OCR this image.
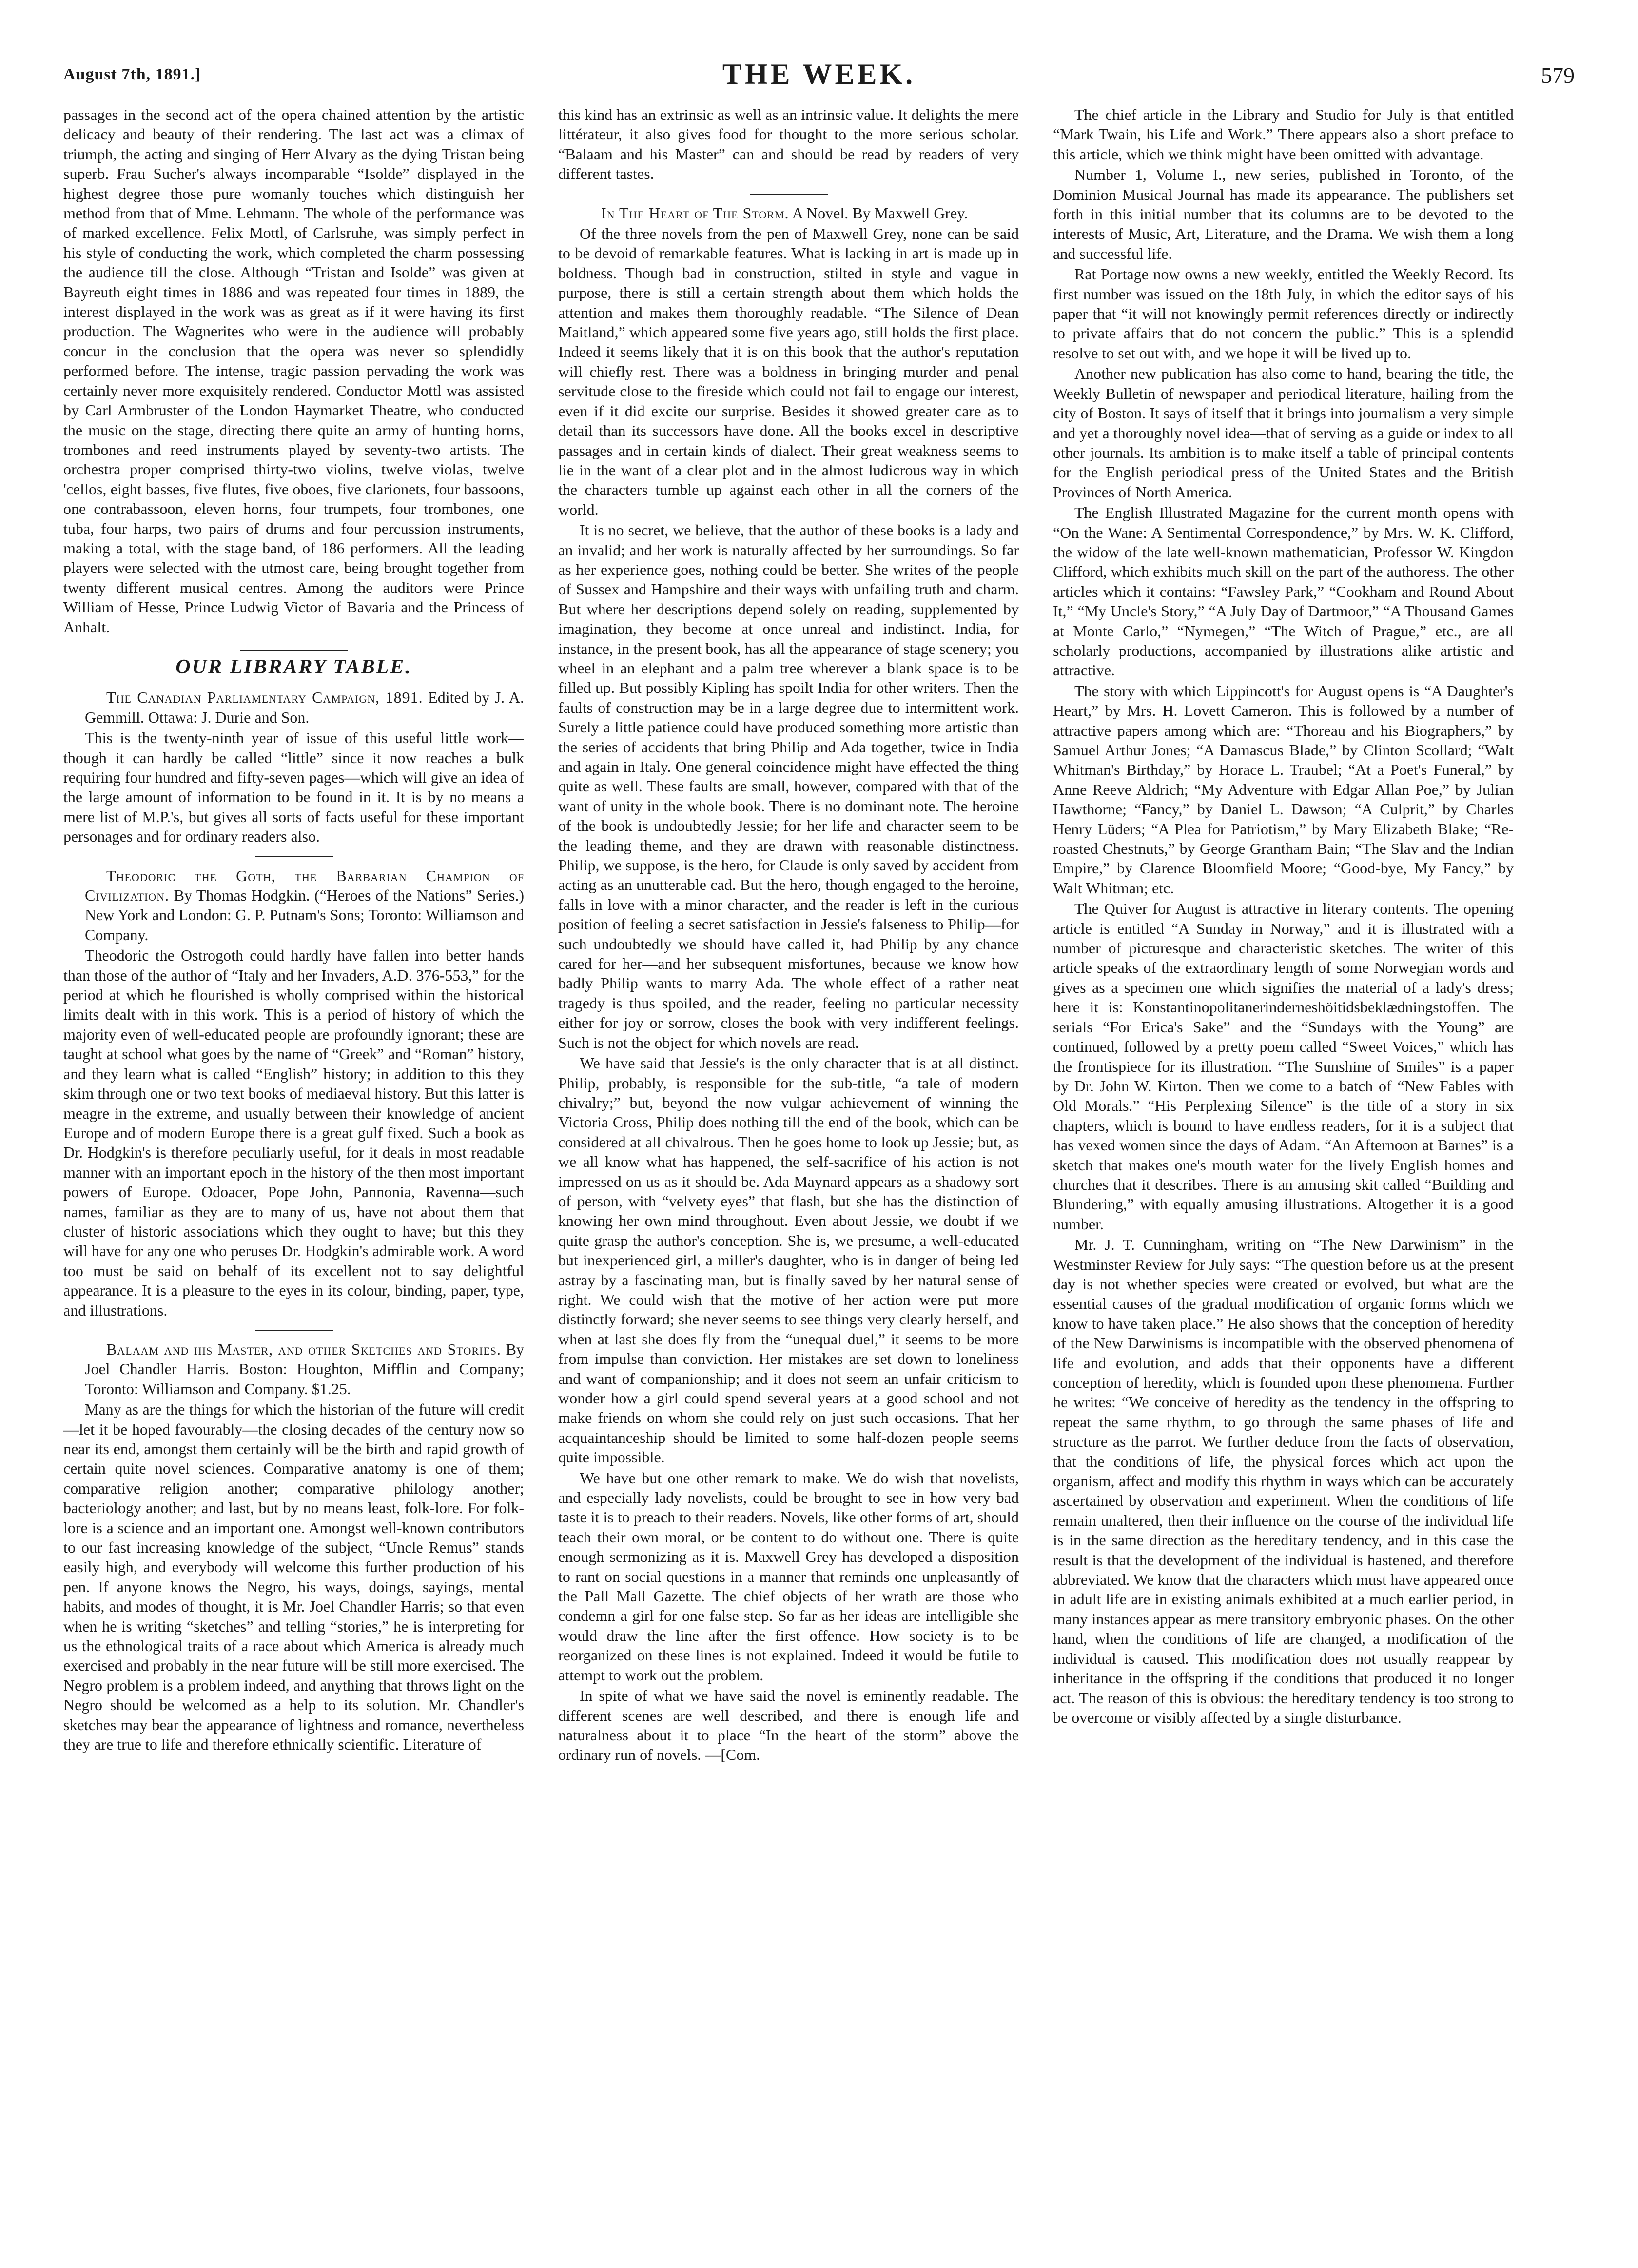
August 7th, 1891.]	THE WEEK.	579

passages in the second act of the opera chained attention by the artistic delicacy and beauty of their rendering. The last act was a climax of triumph, the acting and singing of Herr Alvary as the dying Tristan being superb. Frau Sucher's always incomparable “Isolde” displayed in the highest degree those pure womanly touches which distinguish her method from that of Mme. Lehmann. The whole of the performance was of marked excellence. Felix Mottl, of Carlsruhe, was simply perfect in his style of conducting the work, which completed the charm possessing the audience till the close. Although “Tristan and Isolde” was given at Bayreuth eight times in 1886 and was repeated four times in 1889, the interest displayed in the work was as great as if it were having its first production. The Wagnerites who were in the audience will probably concur in the conclusion that the opera was never so splendidly performed before. The intense, tragic passion pervading the work was certainly never more exquisitely rendered. Conductor Mottl was assisted by Carl Armbruster of the London Haymarket Theatre, who conducted the music on the stage, directing there quite an army of hunting horns, trombones and reed instruments played by seventy-two artists. The orchestra proper comprised thirty-two violins, twelve violas, twelve 'cellos, eight basses, five flutes, five oboes, five clarionets, four bassoons, one contrabassoon, eleven horns, four trumpets, four trombones, one tuba, four harps, two pairs of drums and four percussion instruments, making a total, with the stage band, of 186 performers. All the leading players were selected with the utmost care, being brought together from twenty different musical centres. Among the auditors were Prince William of Hesse, Prince Ludwig Victor of Bavaria and the Princess of Anhalt.

OUR LIBRARY TABLE.

The Canadian Parliamentary Campaign, 1891. Edited by J. A. Gemmill. Ottawa: J. Durie and Son.

This is the twenty-ninth year of issue of this useful little work—though it can hardly be called “little” since it now reaches a bulk requiring four hundred and fifty-seven pages—which will give an idea of the large amount of information to be found in it. It is by no means a mere list of M.P.'s, but gives all sorts of facts useful for these important personages and for ordinary readers also.

Theodoric the Goth, the Barbarian Champion of Civilization. By Thomas Hodgkin. (“Heroes of the Nations” Series.) New York and London: G. P. Putnam's Sons; Toronto: Williamson and Company.

Theodoric the Ostrogoth could hardly have fallen into better hands than those of the author of “Italy and her Invaders, A.D. 376-553,” for the period at which he flourished is wholly comprised within the historical limits dealt with in this work. This is a period of history of which the majority even of well-educated people are profoundly ignorant; these are taught at school what goes by the name of “Greek” and “Roman” history, and they learn what is called “English” history; in addition to this they skim through one or two text books of mediaeval history. But this latter is meagre in the extreme, and usually between their knowledge of ancient Europe and of modern Europe there is a great gulf fixed. Such a book as Dr. Hodgkin's is therefore peculiarly useful, for it deals in most readable manner with an important epoch in the history of the then most important powers of Europe. Odoacer, Pope John, Pannonia, Ravenna—such names, familiar as they are to many of us, have not about them that cluster of historic associations which they ought to have; but this they will have for any one who peruses Dr. Hodgkin's admirable work. A word too must be said on behalf of its excellent not to say delightful appearance. It is a pleasure to the eyes in its colour, binding, paper, type, and illustrations.

Balaam and his Master, and other Sketches and Stories. By Joel Chandler Harris. Boston: Houghton, Mifflin and Company; Toronto: Williamson and Company. $1.25.

Many as are the things for which the historian of the future will credit—let it be hoped favourably—the closing decades of the century now so near its end, amongst them certainly will be the birth and rapid growth of certain quite novel sciences. Comparative anatomy is one of them; comparative religion another; comparative philology another; bacteriology another; and last, but by no means least, folk-lore. For folk-lore is a science and an important one. Amongst well-known contributors to our fast increasing knowledge of the subject, “Uncle Remus” stands easily high, and everybody will welcome this further production of his pen. If anyone knows the Negro, his ways, doings, sayings, mental habits, and modes of thought, it is Mr. Joel Chandler Harris; so that even when he is writing “sketches” and telling “stories,” he is interpreting for us the ethnological traits of a race about which America is already much exercised and probably in the near future will be still more exercised. The Negro problem is a problem indeed, and anything that throws light on the Negro should be welcomed as a help to its solution. Mr. Chandler's sketches may bear the appearance of lightness and romance, nevertheless they are true to life and therefore ethnically scientific. Literature of

this kind has an extrinsic as well as an intrinsic value. It delights the mere littérateur, it also gives food for thought to the more serious scholar. “Balaam and his Master” can and should be read by readers of very different tastes.

In The Heart of The Storm. A Novel. By Maxwell Grey.

Of the three novels from the pen of Maxwell Grey, none can be said to be devoid of remarkable features. What is lacking in art is made up in boldness. Though bad in construction, stilted in style and vague in purpose, there is still a certain strength about them which holds the attention and makes them thoroughly readable. “The Silence of Dean Maitland,” which appeared some five years ago, still holds the first place. Indeed it seems likely that it is on this book that the author's reputation will chiefly rest. There was a boldness in bringing murder and penal servitude close to the fireside which could not fail to engage our interest, even if it did excite our surprise. Besides it showed greater care as to detail than its successors have done. All the books excel in descriptive passages and in certain kinds of dialect. Their great weakness seems to lie in the want of a clear plot and in the almost ludicrous way in which the characters tumble up against each other in all the corners of the world.

It is no secret, we believe, that the author of these books is a lady and an invalid; and her work is naturally affected by her surroundings. So far as her experience goes, nothing could be better. She writes of the people of Sussex and Hampshire and their ways with unfailing truth and charm. But where her descriptions depend solely on reading, supplemented by imagination, they become at once unreal and indistinct. India, for instance, in the present book, has all the appearance of stage scenery; you wheel in an elephant and a palm tree wherever a blank space is to be filled up. But possibly Kipling has spoilt India for other writers. Then the faults of construction may be in a large degree due to intermittent work. Surely a little patience could have produced something more artistic than the series of accidents that bring Philip and Ada together, twice in India and again in Italy. One general coincidence might have effected the thing quite as well. These faults are small, however, compared with that of the want of unity in the whole book. There is no dominant note. The heroine of the book is undoubtedly Jessie; for her life and character seem to be the leading theme, and they are drawn with reasonable distinctness. Philip, we suppose, is the hero, for Claude is only saved by accident from acting as an unutterable cad. But the hero, though engaged to the heroine, falls in love with a minor character, and the reader is left in the curious position of feeling a secret satisfaction in Jessie's falseness to Philip—for such undoubtedly we should have called it, had Philip by any chance cared for her—and her subsequent misfortunes, because we know how badly Philip wants to marry Ada. The whole effect of a rather neat tragedy is thus spoiled, and the reader, feeling no particular necessity either for joy or sorrow, closes the book with very indifferent feelings. Such is not the object for which novels are read.

We have said that Jessie's is the only character that is at all distinct. Philip, probably, is responsible for the sub-title, “a tale of modern chivalry;” but, beyond the now vulgar achievement of winning the Victoria Cross, Philip does nothing till the end of the book, which can be considered at all chivalrous. Then he goes home to look up Jessie; but, as we all know what has happened, the self-sacrifice of his action is not impressed on us as it should be. Ada Maynard appears as a shadowy sort of person, with “velvety eyes” that flash, but she has the distinction of knowing her own mind throughout. Even about Jessie, we doubt if we quite grasp the author's conception. She is, we presume, a well-educated but inexperienced girl, a miller's daughter, who is in danger of being led astray by a fascinating man, but is finally saved by her natural sense of right. We could wish that the motive of her action were put more distinctly forward; she never seems to see things very clearly herself, and when at last she does fly from the “unequal duel,” it seems to be more from impulse than conviction. Her mistakes are set down to loneliness and want of companionship; and it does not seem an unfair criticism to wonder how a girl could spend several years at a good school and not make friends on whom she could rely on just such occasions. That her acquaintanceship should be limited to some half-dozen people seems quite impossible.

We have but one other remark to make. We do wish that novelists, and especially lady novelists, could be brought to see in how very bad taste it is to preach to their readers. Novels, like other forms of art, should teach their own moral, or be content to do without one. There is quite enough sermonizing as it is. Maxwell Grey has developed a disposition to rant on social questions in a manner that reminds one unpleasantly of the Pall Mall Gazette. The chief objects of her wrath are those who condemn a girl for one false step. So far as her ideas are intelligible she would draw the line after the first offence. How society is to be reorganized on these lines is not explained. Indeed it would be futile to attempt to work out the problem.

In spite of what we have said the novel is eminently readable. The different scenes are well described, and there is enough life and naturalness about it to place “In the heart of the storm” above the ordinary run of novels. —[Com.

The chief article in the Library and Studio for July is that entitled “Mark Twain, his Life and Work.” There appears also a short preface to this article, which we think might have been omitted with advantage.

Number 1, Volume I., new series, published in Toronto, of the Dominion Musical Journal has made its appearance. The publishers set forth in this initial number that its columns are to be devoted to the interests of Music, Art, Literature, and the Drama. We wish them a long and successful life.

Rat Portage now owns a new weekly, entitled the Weekly Record. Its first number was issued on the 18th July, in which the editor says of his paper that “it will not knowingly permit references directly or indirectly to private affairs that do not concern the public.” This is a splendid resolve to set out with, and we hope it will be lived up to.

Another new publication has also come to hand, bearing the title, the Weekly Bulletin of newspaper and periodical literature, hailing from the city of Boston. It says of itself that it brings into journalism a very simple and yet a thoroughly novel idea—that of serving as a guide or index to all other journals. Its ambition is to make itself a table of principal contents for the English periodical press of the United States and the British Provinces of North America.

The English Illustrated Magazine for the current month opens with “On the Wane: A Sentimental Correspondence,” by Mrs. W. K. Clifford, the widow of the late well-known mathematician, Professor W. Kingdon Clifford, which exhibits much skill on the part of the authoress. The other articles which it contains: “Fawsley Park,” “Cookham and Round About It,” “My Uncle's Story,” “A July Day of Dartmoor,” “A Thousand Games at Monte Carlo,” “Nymegen,” “The Witch of Prague,” etc., are all scholarly productions, accompanied by illustrations alike artistic and attractive.

The story with which Lippincott's for August opens is “A Daughter's Heart,” by Mrs. H. Lovett Cameron. This is followed by a number of attractive papers among which are: “Thoreau and his Biographers,” by Samuel Arthur Jones; “A Damascus Blade,” by Clinton Scollard; “Walt Whitman's Birthday,” by Horace L. Traubel; “At a Poet's Funeral,” by Anne Reeve Aldrich; “My Adventure with Edgar Allan Poe,” by Julian Hawthorne; “Fancy,” by Daniel L. Dawson; “A Culprit,” by Charles Henry Lüders; “A Plea for Patriotism,” by Mary Elizabeth Blake; “Re-roasted Chestnuts,” by George Grantham Bain; “The Slav and the Indian Empire,” by Clarence Bloomfield Moore; “Good-bye, My Fancy,” by Walt Whitman; etc.

The Quiver for August is attractive in literary contents. The opening article is entitled “A Sunday in Norway,” and it is illustrated with a number of picturesque and characteristic sketches. The writer of this article speaks of the extraordinary length of some Norwegian words and gives as a specimen one which signifies the material of a lady's dress; here it is: Konstantinopolitanerinderneshöitidsbeklædningstoffen. The serials “For Erica's Sake” and the “Sundays with the Young” are continued, followed by a pretty poem called “Sweet Voices,” which has the frontispiece for its illustration. “The Sunshine of Smiles” is a paper by Dr. John W. Kirton. Then we come to a batch of “New Fables with Old Morals.” “His Perplexing Silence” is the title of a story in six chapters, which is bound to have endless readers, for it is a subject that has vexed women since the days of Adam. “An Afternoon at Barnes” is a sketch that makes one's mouth water for the lively English homes and churches that it describes. There is an amusing skit called “Building and Blundering,” with equally amusing illustrations. Altogether it is a good number.

Mr. J. T. Cunningham, writing on “The New Darwinism” in the Westminster Review for July says: “The question before us at the present day is not whether species were created or evolved, but what are the essential causes of the gradual modification of organic forms which we know to have taken place.” He also shows that the conception of heredity of the New Darwinisms is incompatible with the observed phenomena of life and evolution, and adds that their opponents have a different conception of heredity, which is founded upon these phenomena. Further he writes: “We conceive of heredity as the tendency in the offspring to repeat the same rhythm, to go through the same phases of life and structure as the parrot. We further deduce from the facts of observation, that the conditions of life, the physical forces which act upon the organism, affect and modify this rhythm in ways which can be accurately ascertained by observation and experiment. When the conditions of life remain unaltered, then their influence on the course of the individual life is in the same direction as the hereditary tendency, and in this case the result is that the development of the individual is hastened, and therefore abbreviated. We know that the characters which must have appeared once in adult life are in existing animals exhibited at a much earlier period, in many instances appear as mere transitory embryonic phases. On the other hand, when the conditions of life are changed, a modification of the individual is caused. This modification does not usually reappear by inheritance in the offspring if the conditions that produced it no longer act. The reason of this is obvious: the hereditary tendency is too strong to be overcome or visibly affected by a single disturbance.
